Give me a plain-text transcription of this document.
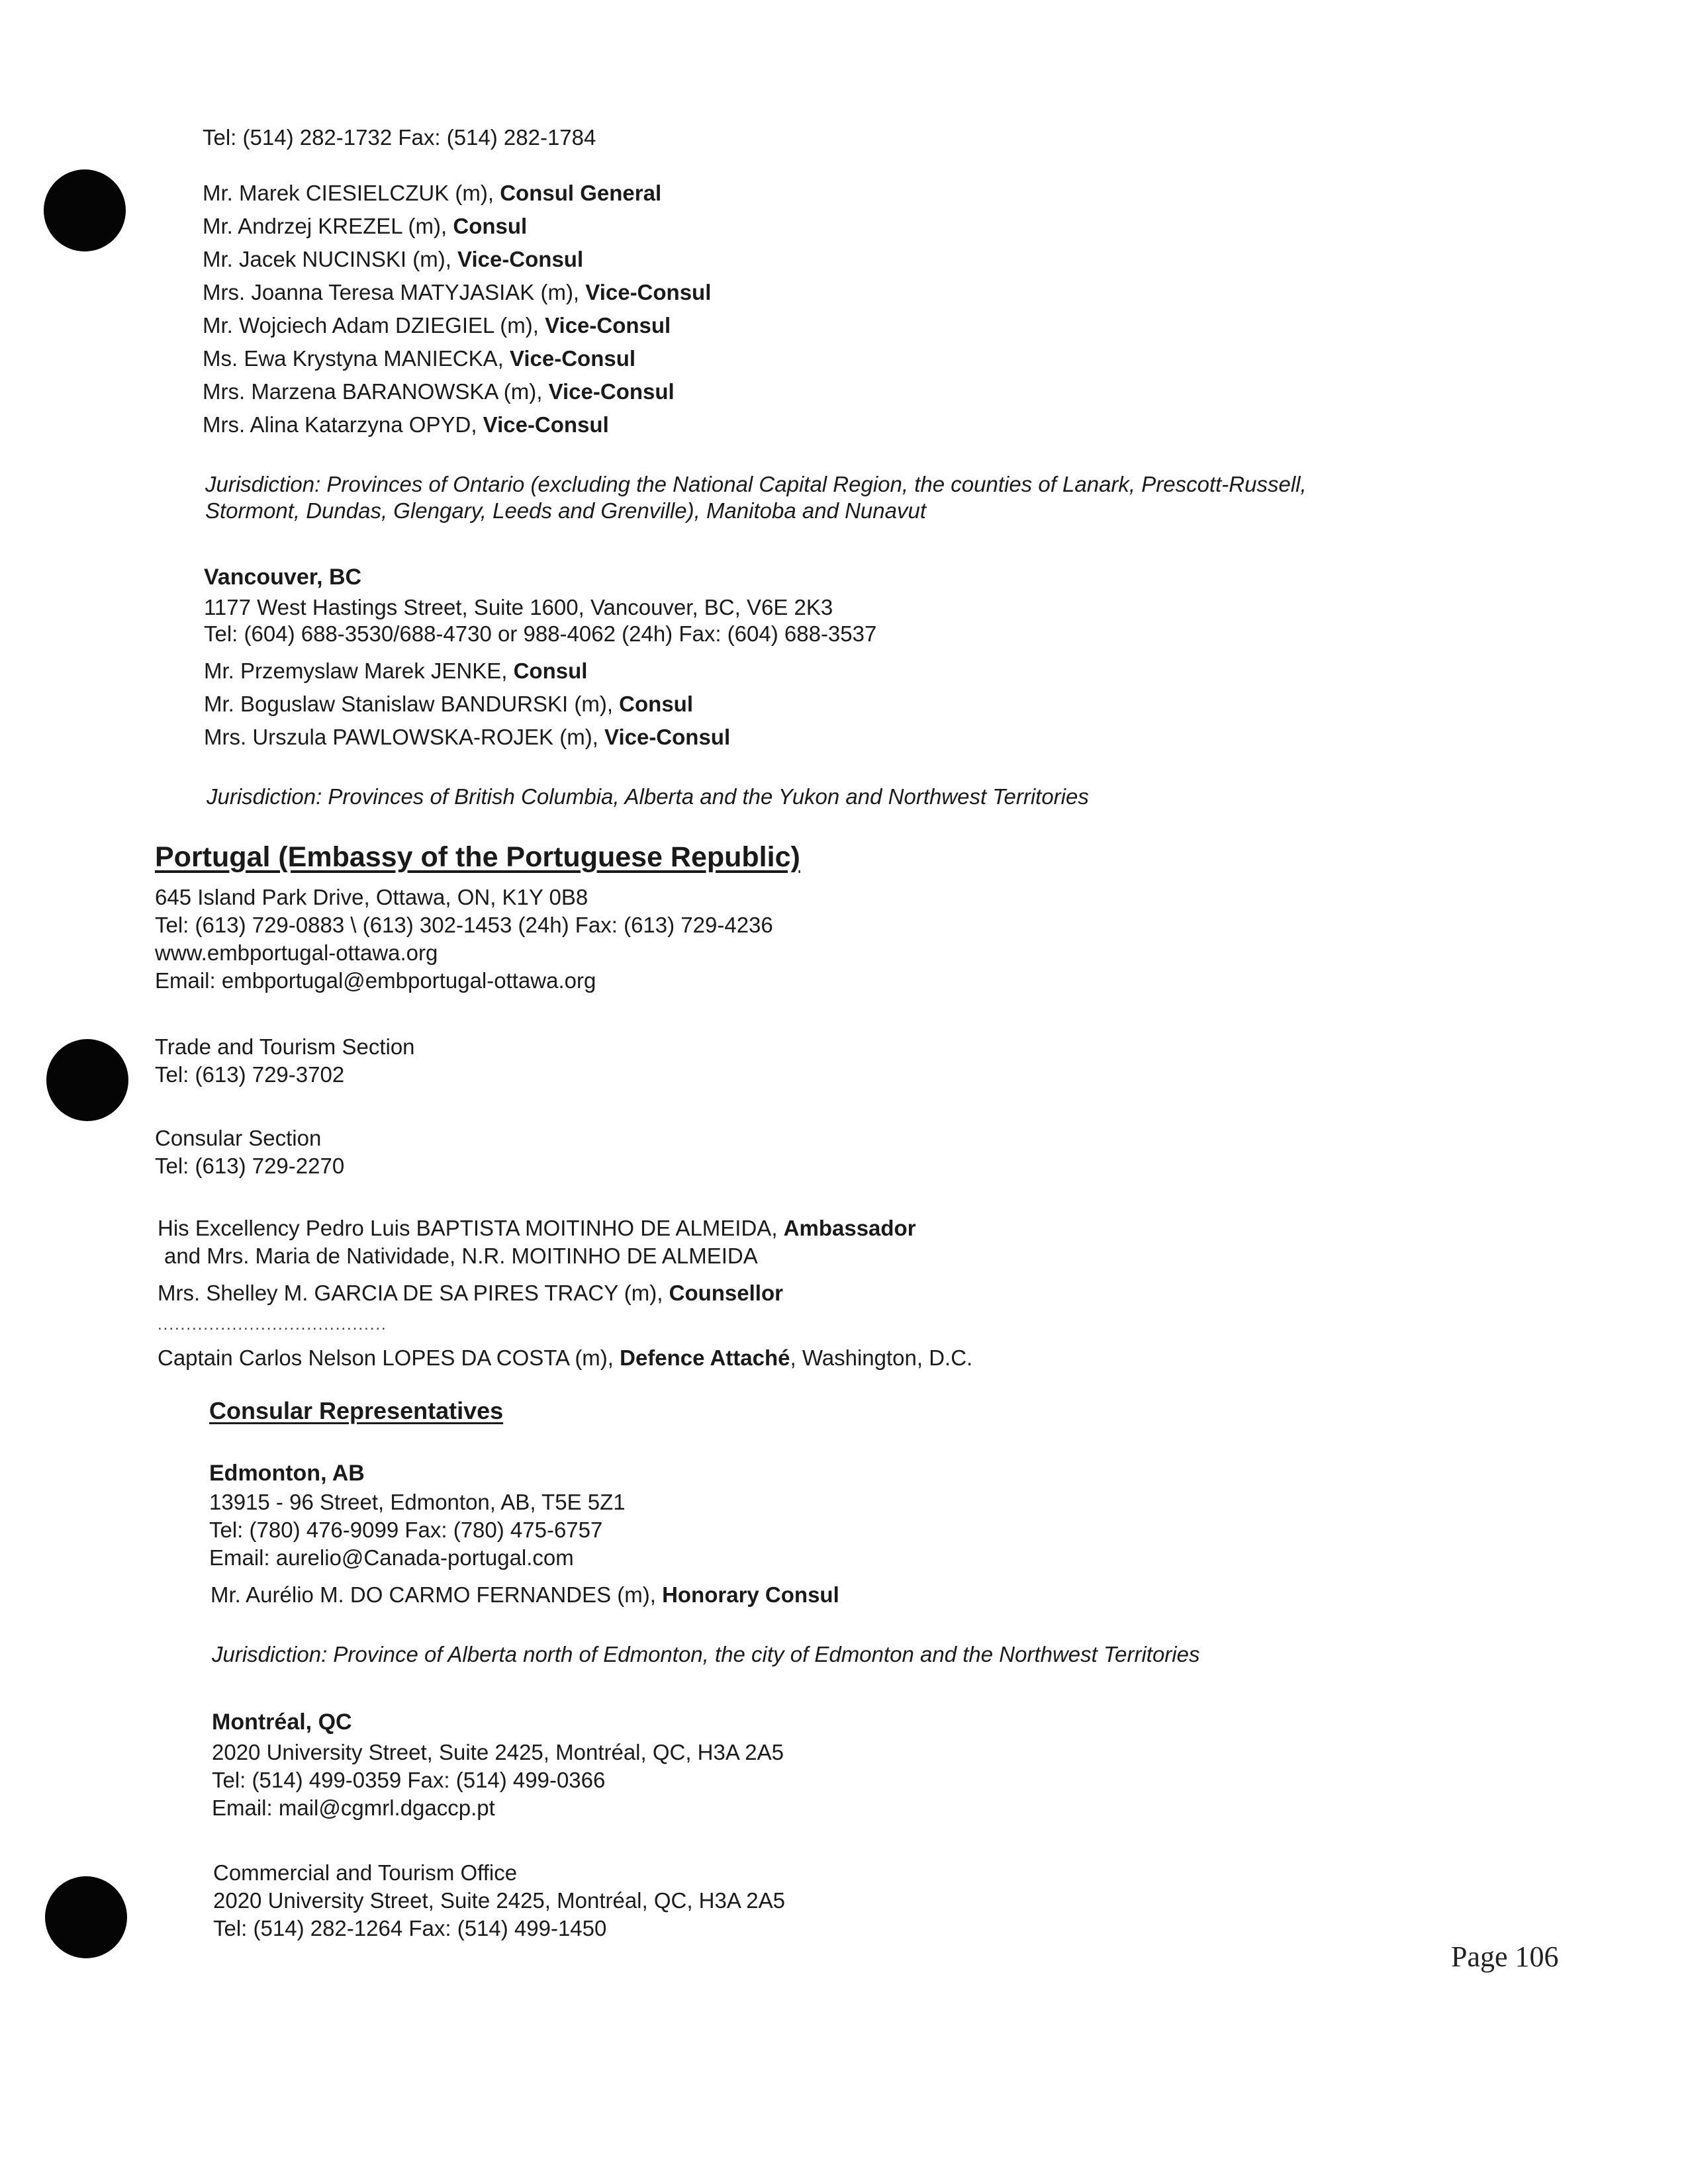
Tel: (514) 282-1732 Fax: (514) 282-1784
Mr. Marek CIESIELCZUK (m), Consul General
Mr. Andrzej KREZEL (m), Consul
Mr. Jacek NUCINSKI (m), Vice-Consul
Mrs. Joanna Teresa MATYJASIAK (m), Vice-Consul
Mr. Wojciech Adam DZIEGIEL (m), Vice-Consul
Ms. Ewa Krystyna MANIECKA, Vice-Consul
Mrs. Marzena BARANOWSKA (m), Vice-Consul
Mrs. Alina Katarzyna OPYD, Vice-Consul
Jurisdiction: Provinces of Ontario (excluding the National Capital Region, the counties of Lanark, Prescott-Russell,
Stormont, Dundas, Glengary, Leeds and Grenville), Manitoba and Nunavut
Vancouver, BC
1177 West Hastings Street, Suite 1600, Vancouver, BC, V6E 2K3
Tel: (604) 688-3530/688-4730 or 988-4062 (24h) Fax: (604) 688-3537
Mr. Przemyslaw Marek JENKE, Consul
Mr. Boguslaw Stanislaw BANDURSKI (m), Consul
Mrs. Urszula PAWLOWSKA-ROJEK (m), Vice-Consul
Jurisdiction: Provinces of British Columbia, Alberta and the Yukon and Northwest Territories
Portugal (Embassy of the Portuguese Republic)
645 Island Park Drive, Ottawa, ON, K1Y 0B8
Tel: (613) 729-0883 \ (613) 302-1453 (24h) Fax: (613) 729-4236
www.embportugal-ottawa.org
Email: embportugal@embportugal-ottawa.org
Trade and Tourism Section
Tel: (613) 729-3702
Consular Section
Tel: (613) 729-2270
His Excellency Pedro Luis BAPTISTA MOITINHO DE ALMEIDA, Ambassador
and Mrs. Maria de Natividade, N.R. MOITINHO DE ALMEIDA
Mrs. Shelley M. GARCIA DE SA PIRES TRACY (m), Counsellor
........................................
Captain Carlos Nelson LOPES DA COSTA (m), Defence Attaché, Washington, D.C.
Consular Representatives
Edmonton, AB
13915 - 96 Street, Edmonton, AB, T5E 5Z1
Tel: (780) 476-9099 Fax: (780) 475-6757
Email: aurelio@Canada-portugal.com
Mr. Aurélio M. DO CARMO FERNANDES (m), Honorary Consul
Jurisdiction: Province of Alberta north of Edmonton, the city of Edmonton and the Northwest Territories
Montréal, QC
2020 University Street, Suite 2425, Montréal, QC, H3A 2A5
Tel: (514) 499-0359 Fax: (514) 499-0366
Email: mail@cgmrl.dgaccp.pt
Commercial and Tourism Office
2020 University Street, Suite 2425, Montréal, QC, H3A 2A5
Tel: (514) 282-1264 Fax: (514) 499-1450
Page 106
